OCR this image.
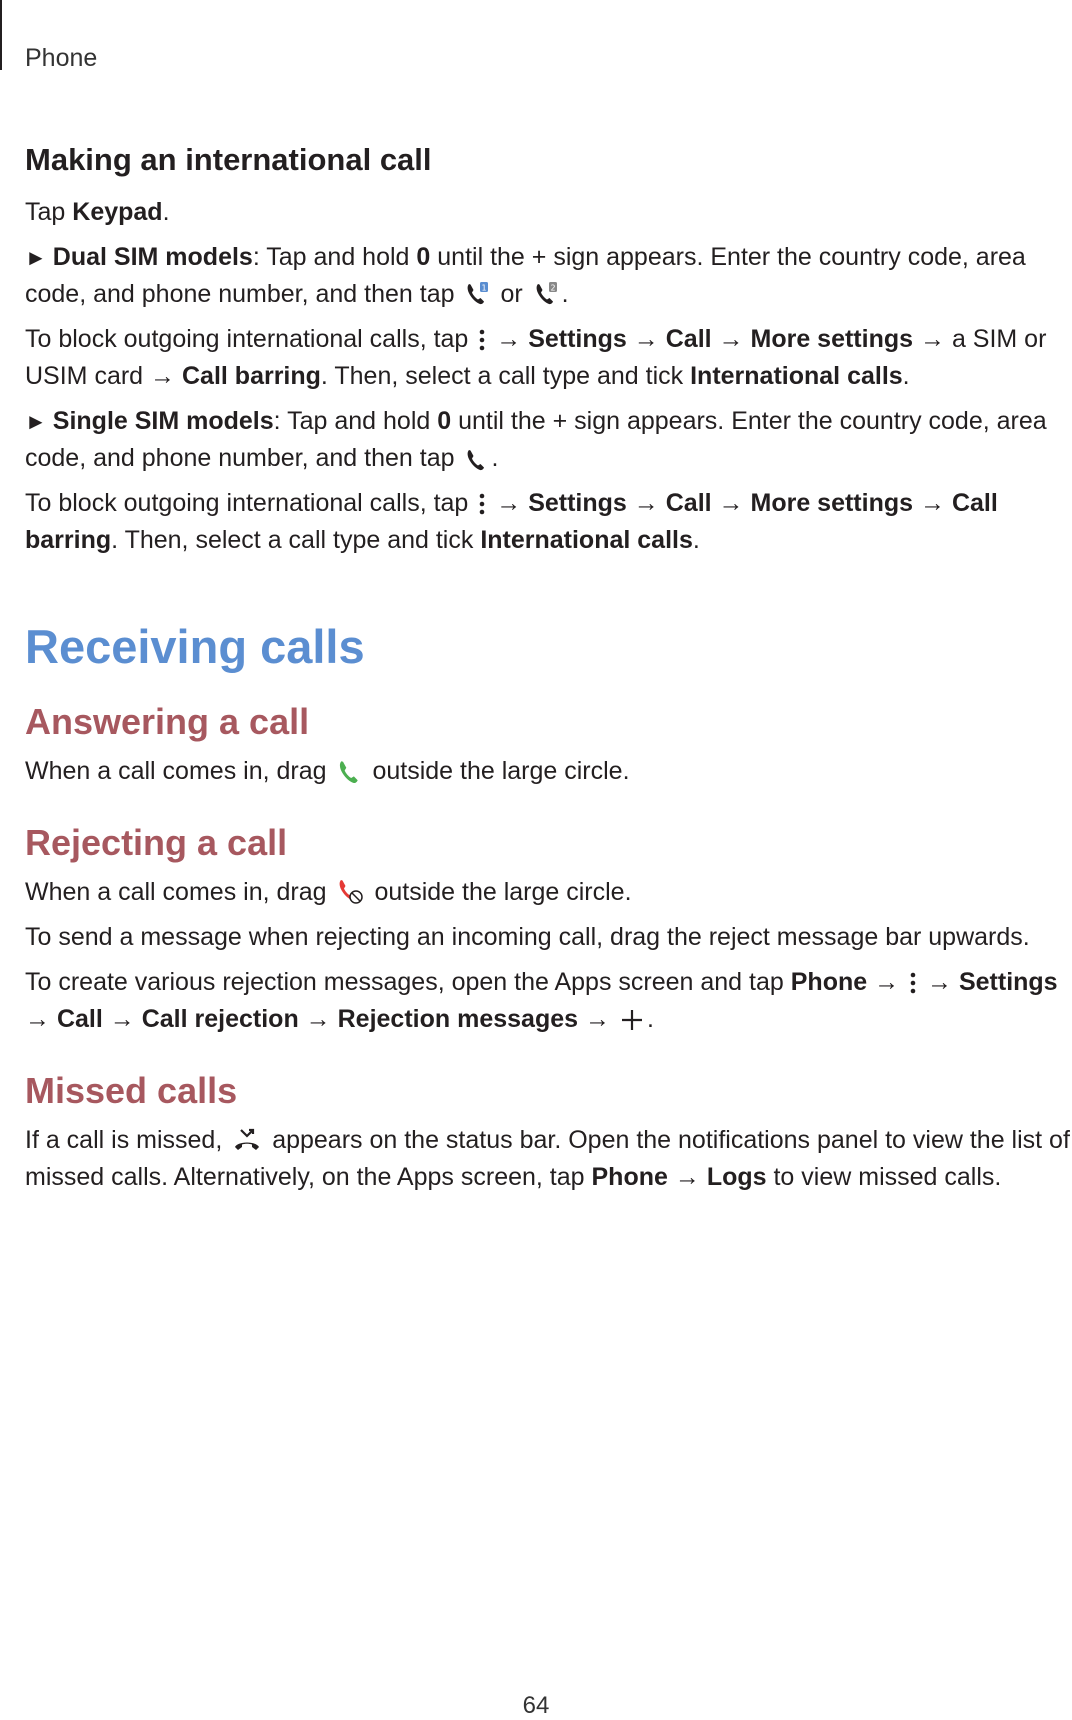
Phone

Making an international call

Tap Keypad.

► Dual SIM models: Tap and hold 0 until the + sign appears. Enter the country code, area code, and phone number, and then tap	1 or	2 .

To block outgoing international calls, tap → Settings → Call → More settings → a SIM or USIM card → Call barring. Then, select a call type and tick International calls.

► Single SIM models: Tap and hold 0 until the + sign appears. Enter the country code, area code, and phone number, and then tap .

To block outgoing international calls, tap → Settings → Call → More settings → Call barring. Then, select a call type and tick International calls.

Receiving calls

Answering a call

When a call comes in, drag outside the large circle.

Rejecting a call

When a call comes in, drag outside the large circle.

To send a message when rejecting an incoming call, drag the reject message bar upwards.

To create various rejection messages, open the Apps screen and tap Phone → → Settings → Call → Call rejection → Rejection messages → .

Missed calls

If a call is missed, appears on the status bar. Open the notifications panel to view the list of missed calls. Alternatively, on the Apps screen, tap Phone → Logs to view missed calls.

64
